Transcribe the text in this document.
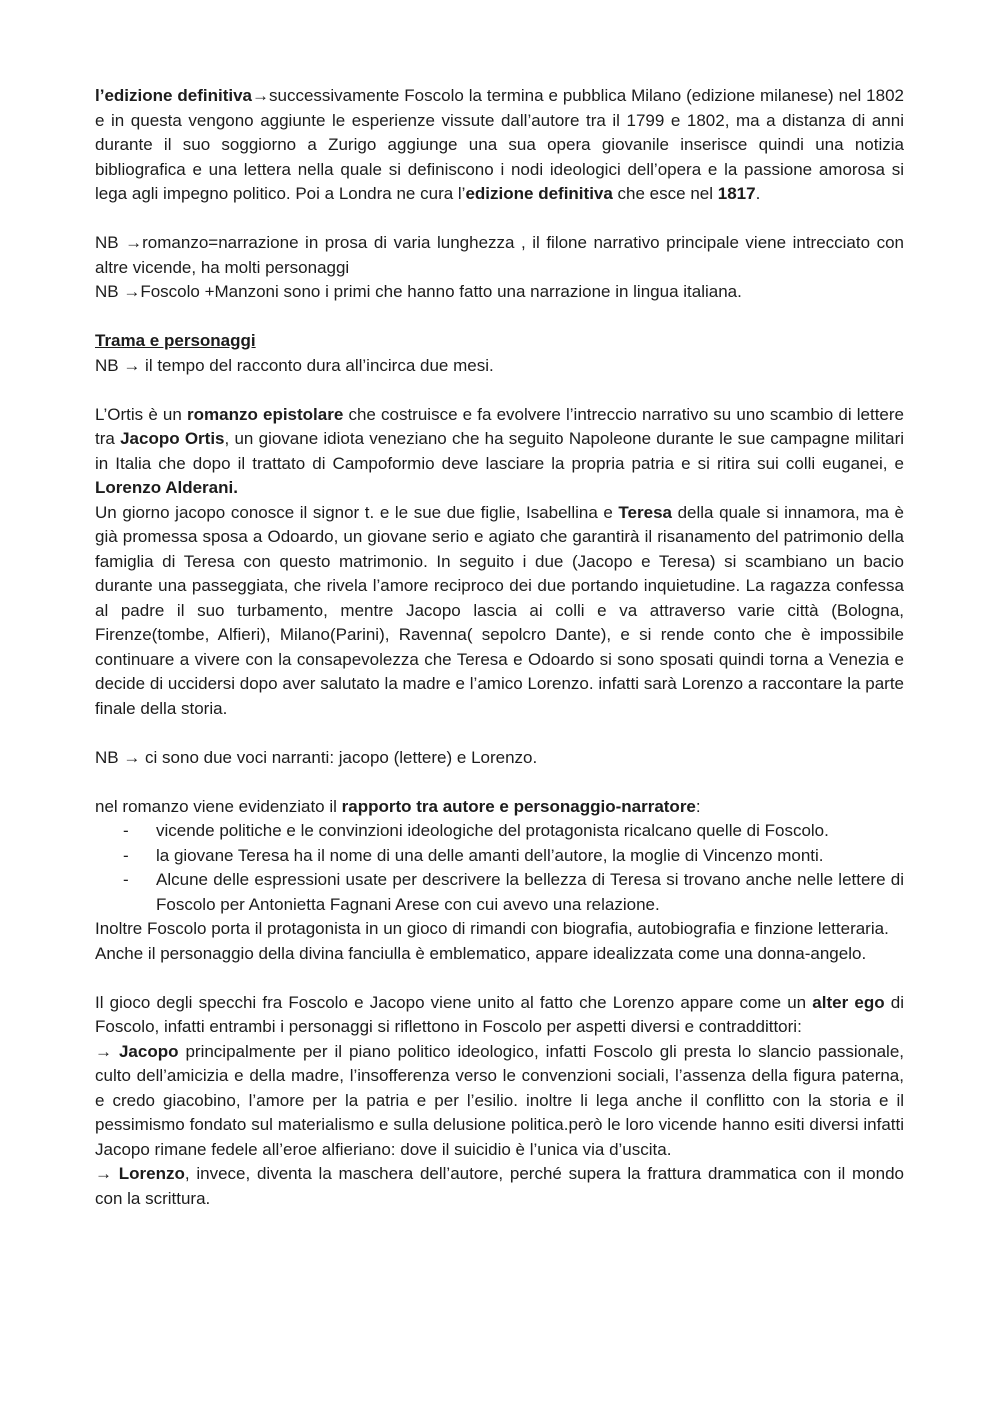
l’edizione definitiva→successivamente Foscolo la termina e pubblica Milano (edizione milanese) nel 1802 e in questa vengono aggiunte le esperienze vissute dall’autore tra il 1799 e 1802, ma a distanza di anni durante il suo soggiorno a Zurigo aggiunge una sua opera giovanile inserisce quindi una notizia bibliografica e una lettera nella quale si definiscono i nodi ideologici dell’opera e la passione amorosa si lega agli impegno politico. Poi a Londra ne cura l’edizione definitiva che esce nel 1817.

NB →romanzo=narrazione in prosa di varia lunghezza , il filone narrativo principale viene intrecciato con altre vicende, ha molti personaggi

NB →Foscolo +Manzoni sono i primi che hanno fatto una narrazione in lingua italiana.

Trama e personaggi

NB → il tempo del racconto dura all’incirca due mesi.

L’Ortis è un romanzo epistolare che costruisce e fa evolvere l’intreccio narrativo su uno scambio di lettere tra Jacopo Ortis, un giovane idiota veneziano che ha seguito Napoleone durante le sue campagne militari in Italia che dopo il trattato di Campoformio deve lasciare la propria patria e si ritira sui colli euganei, e Lorenzo Alderani.

Un giorno jacopo conosce il signor t. e le sue due figlie, Isabellina e Teresa della quale si innamora, ma è già promessa sposa a Odoardo, un giovane serio e agiato che garantirà il risanamento del patrimonio della famiglia di Teresa con questo matrimonio. In seguito i due (Jacopo e Teresa) si scambiano un bacio durante una passeggiata, che rivela l’amore reciproco dei due portando inquietudine. La ragazza confessa al padre il suo turbamento, mentre Jacopo lascia ai colli e va attraverso varie città (Bologna, Firenze(tombe, Alfieri), Milano(Parini), Ravenna( sepolcro Dante), e si rende conto che è impossibile continuare a vivere con la consapevolezza che Teresa e Odoardo si sono sposati quindi torna a Venezia e decide di uccidersi dopo aver salutato la madre e l’amico Lorenzo. infatti sarà Lorenzo a raccontare la parte finale della storia.

NB → ci sono due voci narranti: jacopo (lettere) e Lorenzo.

nel romanzo viene evidenziato il rapporto tra autore e personaggio-narratore:

- vicende politiche e le convinzioni ideologiche del protagonista ricalcano quelle di Foscolo.
- la giovane Teresa ha il nome di una delle amanti dell’autore, la moglie di Vincenzo monti.
- Alcune delle espressioni usate per descrivere la bellezza di Teresa si trovano anche nelle lettere di Foscolo per Antonietta Fagnani Arese con cui avevo una relazione.

Inoltre Foscolo porta il protagonista in un gioco di rimandi con biografia, autobiografia e finzione letteraria.

Anche il personaggio della divina fanciulla è emblematico, appare idealizzata come una donna-angelo.

Il gioco degli specchi fra Foscolo e Jacopo viene unito al fatto che Lorenzo appare come un alter ego di Foscolo, infatti entrambi i personaggi si riflettono in Foscolo per aspetti diversi e contraddittori:

→ Jacopo principalmente per il piano politico ideologico, infatti Foscolo gli presta lo slancio passionale, culto dell’amicizia e della madre, l’insofferenza verso le convenzioni sociali, l’assenza della figura paterna, e credo giacobino, l’amore per la patria e per l’esilio. inoltre li lega anche il conflitto con la storia e il pessimismo fondato sul materialismo e sulla delusione politica.però le loro vicende hanno esiti diversi infatti Jacopo rimane fedele all’eroe alfieriano: dove il suicidio è l’unica via d’uscita.

→ Lorenzo, invece, diventa la maschera dell’autore, perché supera la frattura drammatica con il mondo con la scrittura.
